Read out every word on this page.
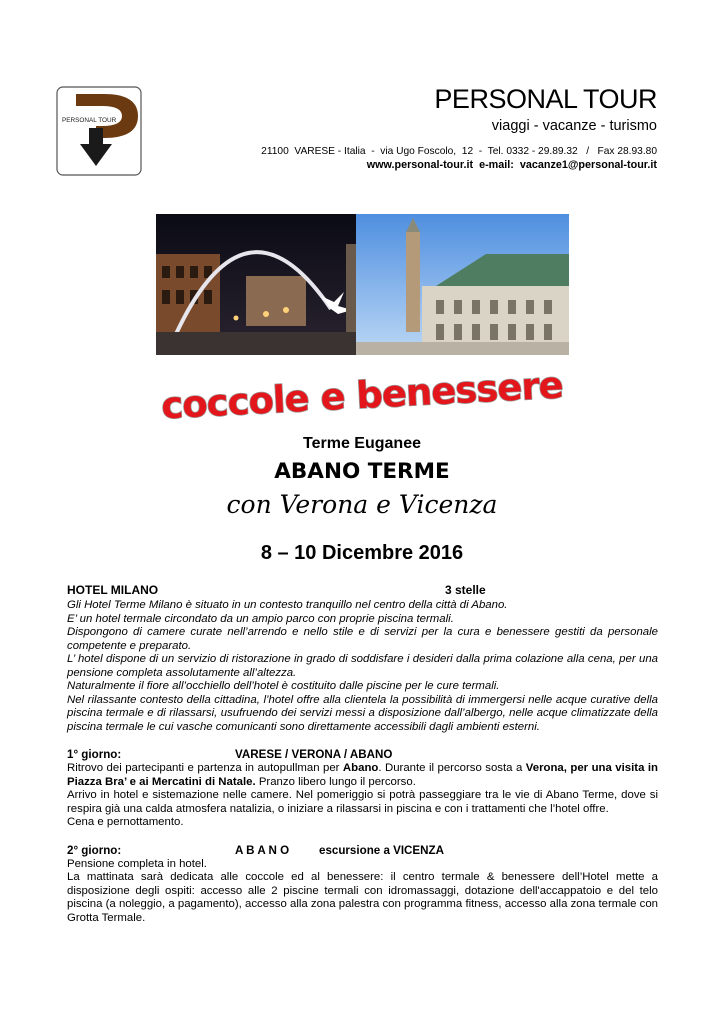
PERSONAL TOUR
PERSONAL TOUR
viaggi - vacanze - turismo
21100  VARESE - Italia  -  via Ugo Foscolo,  12  -  Tel. 0332 - 29.89.32   /   Fax 28.93.80
www.personal-tour.it  e-mail:  vacanze1@personal-tour.it
coccole e benessere
Terme Euganee
ABANO TERME
con Verona e Vicenza
8 – 10 Dicembre 2016
HOTEL MILANO	3 stelle

Gli Hotel Terme Milano è situato in un contesto tranquillo nel centro della città di Abano.
E’ un hotel termale circondato da un ampio parco con proprie piscina termali.
Dispongono di camere curate nell’arrendo e nello stile e di servizi per la cura e benessere gestiti da personale competente e preparato.
L’ hotel dispone di un servizio di ristorazione in grado di soddisfare i desideri dalla prima colazione alla cena, per una pensione completa assolutamente all’altezza.
Naturalmente il fiore all’occhiello dell’hotel è costituito dalle piscine per le cure termali.
Nel rilassante contesto della cittadina, l’hotel offre alla clientela la possibilità di immergersi nelle acque curative della piscina termale e di rilassarsi, usufruendo dei servizi messi a disposizione dall’albergo, nelle acque climatizzate della piscina termale le cui vasche comunicanti sono direttamente accessibili dagli ambienti esterni.

1° giorno:	VARESE / VERONA / ABANO

Ritrovo dei partecipanti e partenza in autopullman per Abano. Durante il percorso sosta a Verona, per una visita in Piazza Bra’ e ai Mercatini di Natale. Pranzo libero lungo il percorso.

Arrivo in hotel e sistemazione nelle camere. Nel pomeriggio si potrà passeggiare tra le vie di Abano Terme, dove si respira già una calda atmosfera natalizia, o iniziare a rilassarsi in piscina e con i trattamenti che l’hotel offre.

Cena e pernottamento.

2° giorno:	A B A N O	escursione a VICENZA

Pensione completa in hotel.

La mattinata sarà dedicata alle coccole ed al benessere: il centro termale & benessere dell’Hotel mette a disposizione degli ospiti: accesso alle 2 piscine termali con idromassaggi, dotazione dell'accappatoio e del telo piscina (a noleggio, a pagamento), accesso alla zona palestra con programma fitness, accesso alla zona termale con Grotta Termale.
